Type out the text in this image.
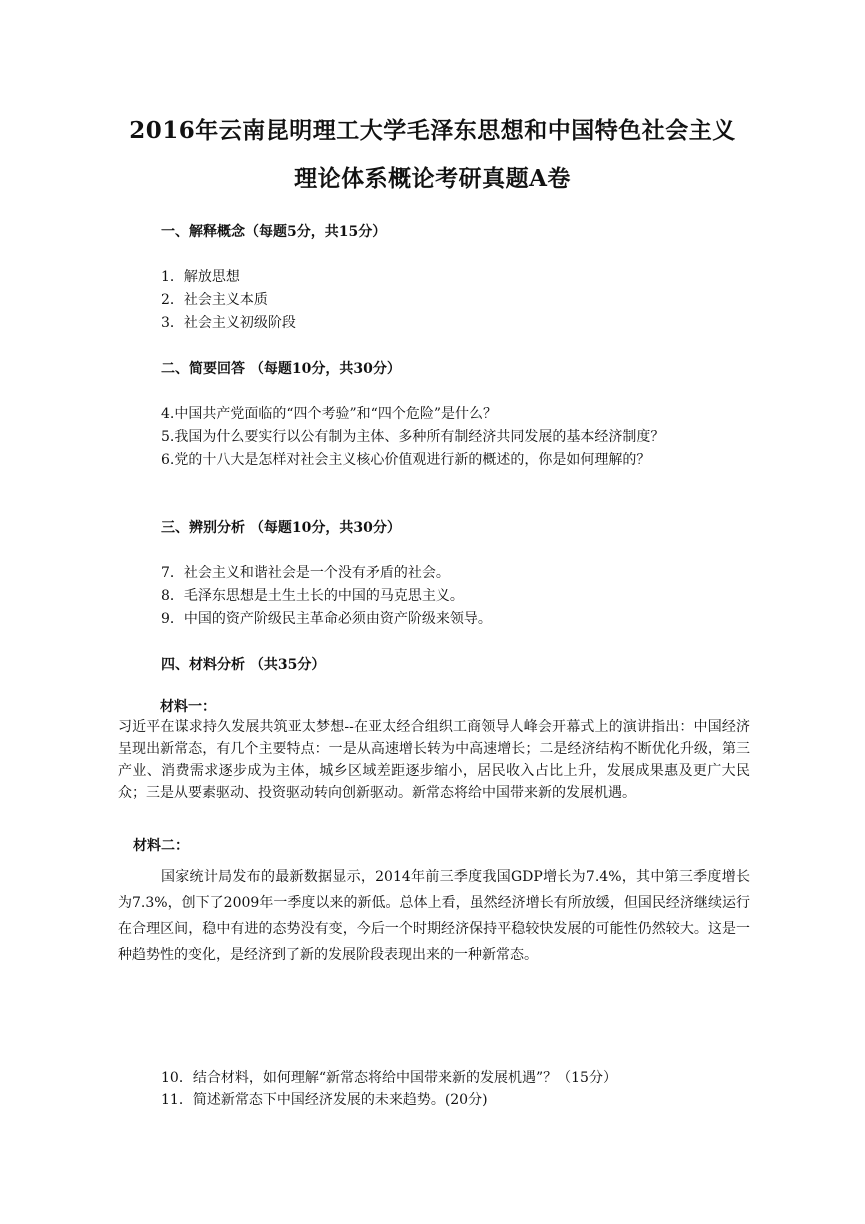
2016年云南昆明理工大学毛泽东思想和中国特色社会主义
理论体系概论考研真题A卷
一、解释概念（每题5分，共15分）
1．解放思想
2．社会主义本质
3．社会主义初级阶段
二、简要回答 （每题10分，共30分）
4.中国共产党面临的“四个考验”和“四个危险”是什么？
5.我国为什么要实行以公有制为主体、多种所有制经济共同发展的基本经济制度？
6.党的十八大是怎样对社会主义核心价值观进行新的概述的，你是如何理解的？
三、辨别分析 （每题10分，共30分）
7．社会主义和谐社会是一个没有矛盾的社会。
8．毛泽东思想是土生土长的中国的马克思主义。
9．中国的资产阶级民主革命必须由资产阶级来领导。
四、材料分析 （共35分）
材料一：
习近平在谋求持久发展共筑亚太梦想--在亚太经合组织工商领导人峰会开幕式上的演讲指出：中国经济呈现出新常态，有几个主要特点：一是从高速增长转为中高速增长；二是经济结构不断优化升级，第三产业、消费需求逐步成为主体，城乡区域差距逐步缩小，居民收入占比上升，发展成果惠及更广大民众；三是从要素驱动、投资驱动转向创新驱动。新常态将给中国带来新的发展机遇。
材料二：
国家统计局发布的最新数据显示，2014年前三季度我国GDP增长为7.4%，其中第三季度增长为7.3%，创下了2009年一季度以来的新低。总体上看，虽然经济增长有所放缓，但国民经济继续运行在合理区间，稳中有进的态势没有变，今后一个时期经济保持平稳较快发展的可能性仍然较大。这是一种趋势性的变化，是经济到了新的发展阶段表现出来的一种新常态。
10．结合材料，如何理解“新常态将给中国带来新的发展机遇”？（15分）
11．简述新常态下中国经济发展的未来趋势。(20分)
